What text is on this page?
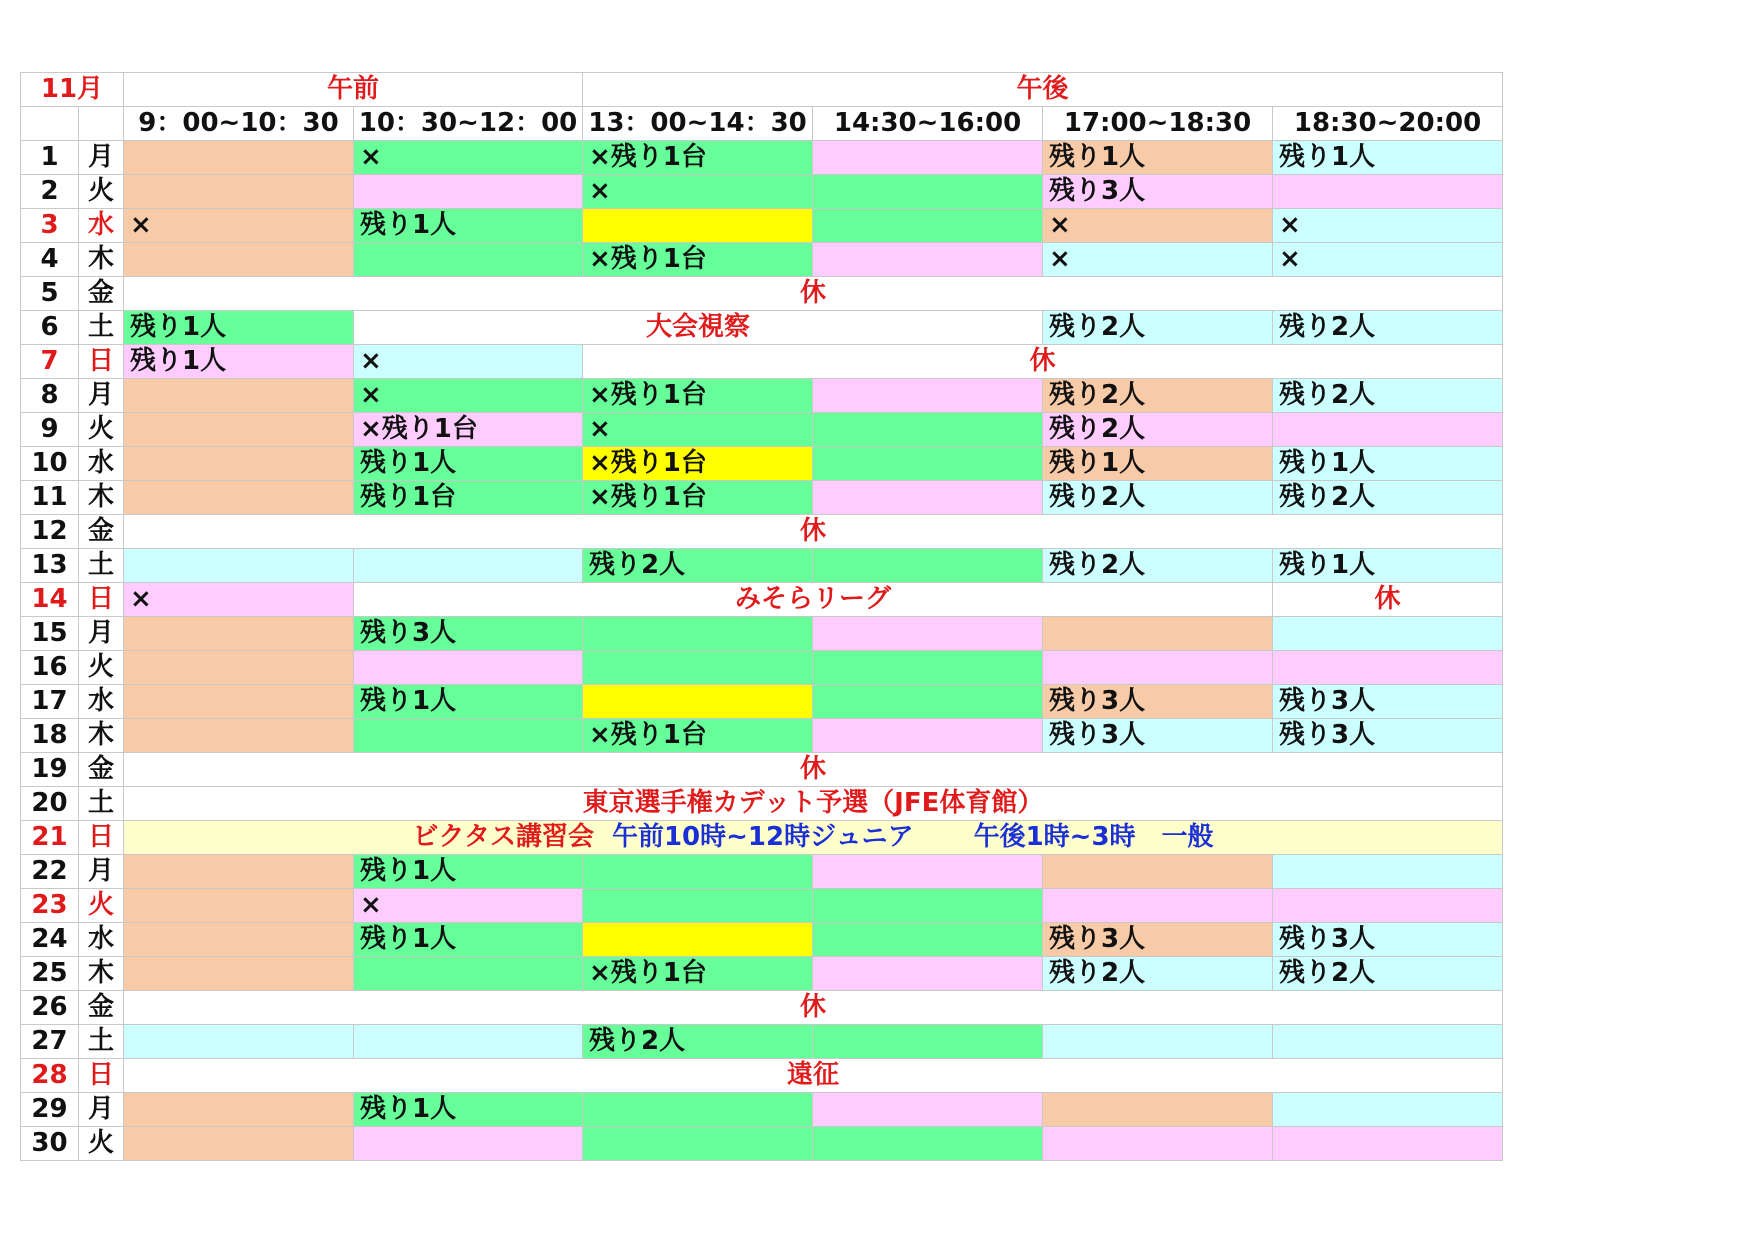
11月		午前		午後			
		9：00~10：30	10：30~12：00	13：00~14：30	14:30~16:00	17:00~18:30	18:30~20:00
1	月		×	×残り1台		残り1人	残り1人
2	火			×		残り3人	
3	水	×	残り1人			×	×
4	木			×残り1台		×	×
5	金	休					
6	土	残り1人	大会視察			残り2人	残り2人
7	日	残り1人	×	休			
8	月		×	×残り1台		残り2人	残り2人
9	火		×残り1台	×		残り2人	
10	水		残り1人	×残り1台		残り1人	残り1人
11	木		残り1台	×残り1台		残り2人	残り2人
12	金	休					
13	土			残り2人		残り2人	残り1人
14	日	×	みそらリーグ				休
15	月		残り3人				
16	火						
17	水		残り1人			残り3人	残り3人
18	木			×残り1台		残り3人	残り3人
19	金	休					
20	土	東京選手権カデット予選（JFE体育館）					
21	日	ビクタス講習会 午前10時~12時ジュニア 午後1時~3時　一般					
22	月		残り1人				
23	火		×				
24	水		残り1人			残り3人	残り3人
25	木			×残り1台		残り2人	残り2人
26	金	休					
27	土			残り2人			
28	日	遠征					
29	月		残り1人				
30	火						
